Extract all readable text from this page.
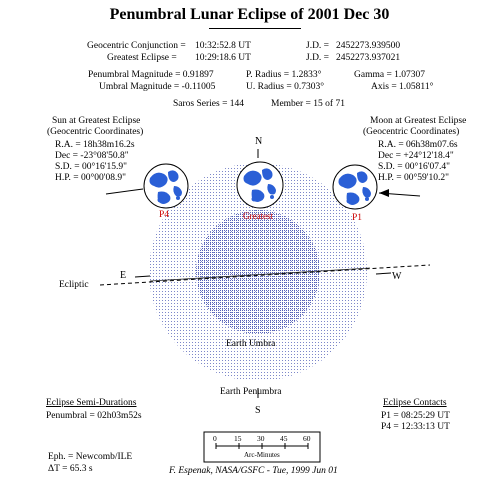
Penumbral Lunar Eclipse of 2001 Dec 30
Geocentric Conjunction = 10:32:52.8 UT	J.D. = 2452273.939500
Greatest Eclipse = 10:29:18.6 UT	J.D. = 2452273.937021
Penumbral Magnitude = 0.91897	P. Radius = 1.2833°	Gamma = 1.07307
Umbral Magnitude = -0.11005	U. Radius = 0.7303°	Axis = 1.05811°
Saros Series = 144	Member = 15 of 71
Sun at Greatest Eclipse
(Geocentric Coordinates)
R.A. = 18h38m16.2s
Dec = -23°08'50.8"
S.D. = 00°16'15.9"
H.P. = 00°00'08.9"
Moon at Greatest Eclipse
(Geocentric Coordinates)
R.A. = 06h38m07.6s
Dec = +24°12'18.4"
S.D. = 00°16'07.4"
H.P. = 00°59'10.2"
N
S
E	W
Ecliptic
Earth Umbra
Earth Penumbra
P4	Greatest	P1
Eclipse Semi-Durations
Penumbral = 02h03m52s
Eclipse Contacts
P1 = 08:25:29 UT
P4 = 12:33:13 UT
0 15 30 45 60
Arc-Minutes
Eph. = Newcomb/ILE
ΔT = 65.3 s	F. Espenak, NASA/GSFC - Tue, 1999 Jun 01
